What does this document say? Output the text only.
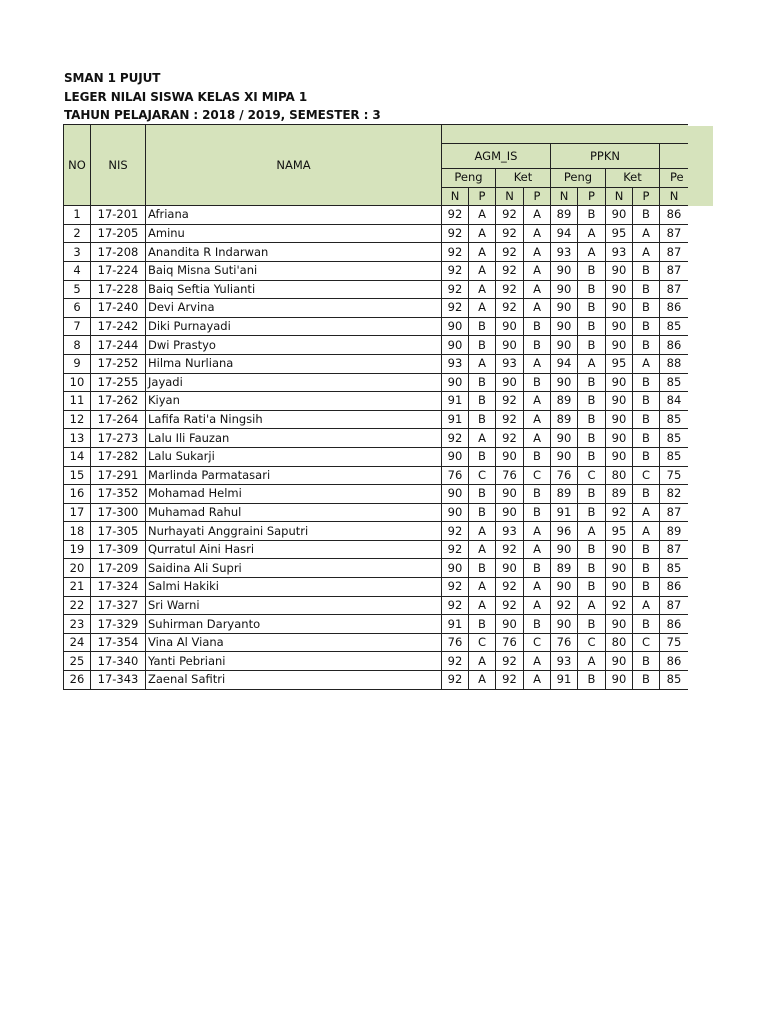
SMAN 1 PUJUT
LEGER NILAI SISWA KELAS XI MIPA 1
TAHUN PELAJARAN : 2018 / 2019, SEMESTER : 3
NO	NIS	NAMA										
			AGM_IS				PPKN					
			Peng		Ket		Peng		Ket		Pe	
			N	P	N	P	N	P	N	P	N	
1	17-201	Afriana	92	A	92	A	89	B	90	B	86	
2	17-205	Aminu	92	A	92	A	94	A	95	A	87	
3	17-208	Anandita R Indarwan	92	A	92	A	93	A	93	A	87	
4	17-224	Baiq Misna Suti'ani	92	A	92	A	90	B	90	B	87	
5	17-228	Baiq Seftia Yulianti	92	A	92	A	90	B	90	B	87	
6	17-240	Devi Arvina	92	A	92	A	90	B	90	B	86	
7	17-242	Diki Purnayadi	90	B	90	B	90	B	90	B	85	
8	17-244	Dwi Prastyo	90	B	90	B	90	B	90	B	86	
9	17-252	Hilma Nurliana	93	A	93	A	94	A	95	A	88	
10	17-255	Jayadi	90	B	90	B	90	B	90	B	85	
11	17-262	Kiyan	91	B	92	A	89	B	90	B	84	
12	17-264	Lafifa Rati'a Ningsih	91	B	92	A	89	B	90	B	85	
13	17-273	Lalu Ili Fauzan	92	A	92	A	90	B	90	B	85	
14	17-282	Lalu Sukarji	90	B	90	B	90	B	90	B	85	
15	17-291	Marlinda Parmatasari	76	C	76	C	76	C	80	C	75	
16	17-352	Mohamad Helmi	90	B	90	B	89	B	89	B	82	
17	17-300	Muhamad Rahul	90	B	90	B	91	B	92	A	87	
18	17-305	Nurhayati Anggraini Saputri	92	A	93	A	96	A	95	A	89	
19	17-309	Qurratul Aini Hasri	92	A	92	A	90	B	90	B	87	
20	17-209	Saidina Ali Supri	90	B	90	B	89	B	90	B	85	
21	17-324	Salmi Hakiki	92	A	92	A	90	B	90	B	86	
22	17-327	Sri Warni	92	A	92	A	92	A	92	A	87	
23	17-329	Suhirman Daryanto	91	B	90	B	90	B	90	B	86	
24	17-354	Vina Al Viana	76	C	76	C	76	C	80	C	75	
25	17-340	Yanti Pebriani	92	A	92	A	93	A	90	B	86	
26	17-343	Zaenal Safitri	92	A	92	A	91	B	90	B	85	
